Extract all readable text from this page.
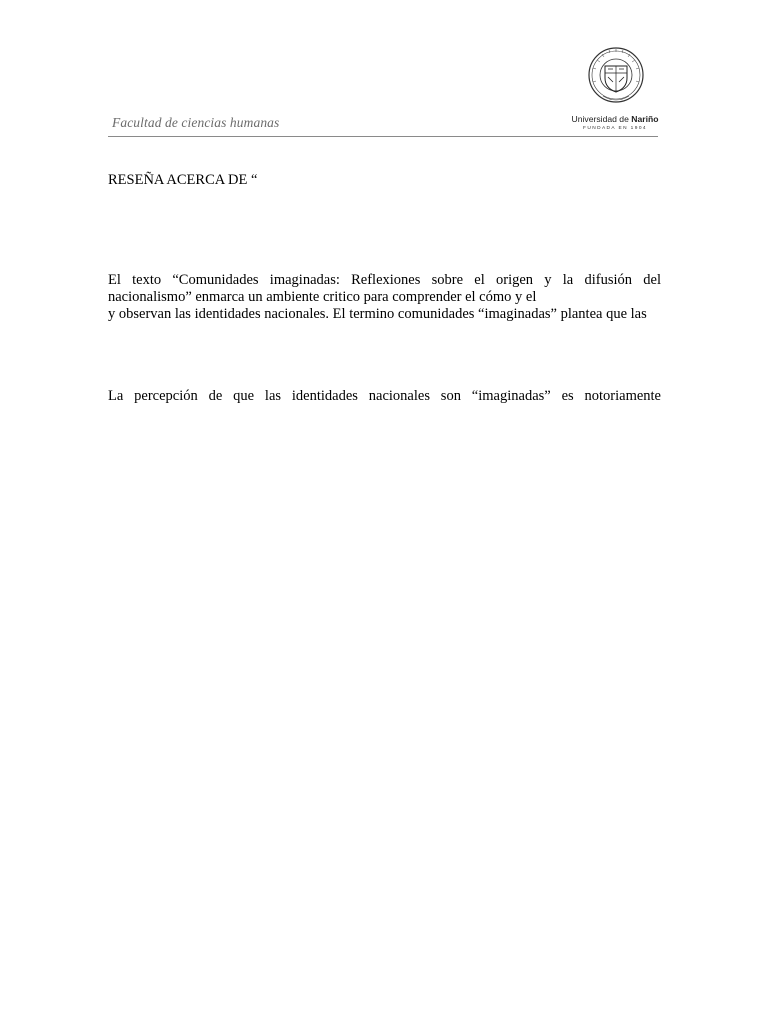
Facultad de ciencias humanas	Universidad de Nariño
FUNDADA EN 1904
RESEÑA ACERCA DE “
El texto “Comunidades imaginadas: Reflexiones sobre el origen y la difusión del
nacionalismo” enmarca un ambiente critico para comprender el cómo y el
y observan las identidades nacionales. El termino comunidades “imaginadas” plantea que las
La percepción de que las identidades nacionales son “imaginadas” es notoriamente
